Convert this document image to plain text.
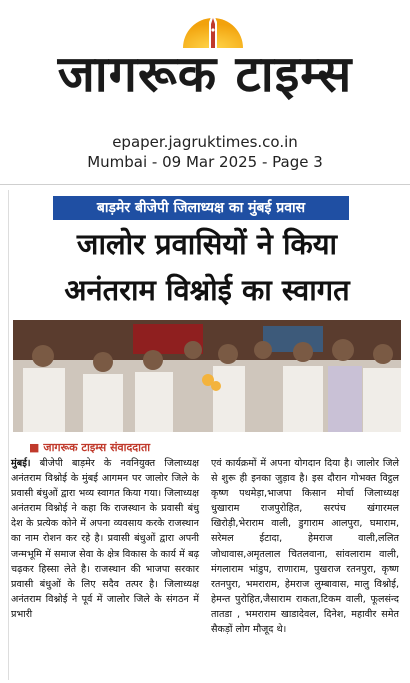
जागरूक टाइम्स
epaper.jagruktimes.co.in
Mumbai - 09 Mar 2025 - Page 3
बाड़मेर बीजेपी जिलाध्यक्ष का मुंबई प्रवास
जालोर प्रवासियों ने किया
अनंतराम विश्नोई का स्वागत
■ जागरूक टाइम्स संवाददाता

मुंबई। बीजेपी बाड़मेर के नवनियुक्त जिलाध्यक्ष अनंतराम विश्नोई के मुंबई आगमन पर जालोर जिले के प्रवासी बंधुओं द्वारा भव्य स्वागत किया गया। जिलाध्यक्ष अनंतराम विश्नोई ने कहा कि राजस्थान के प्रवासी बंधु देश के प्रत्येक कोने में अपना व्यवसाय करके राजस्थान का नाम रोशन कर रहे है। प्रवासी बंधुओं द्वारा अपनी जन्मभूमि में समाज सेवा के क्षेत्र विकास के कार्य में बढ़ चढ़कर हिस्सा लेते है। राजस्थान की भाजपा सरकार प्रवासी बंधुओं के लिए सदैव तत्पर है। जिलाध्यक्ष अनंतराम विश्नोई ने पूर्व में जालोर जिले के संगठन में प्रभारी

एवं कार्यक्रमों में अपना योगदान दिया है। जालोर जिले से शुरू ही इनका जुड़ाव है। इस दौरान गोभक्त विट्ठल कृष्ण पथमेड़ा,भाजपा किसान मोर्चा जिलाध्यक्ष धुखाराम राजपुरोहित, सरपंच खंगारमल खिरोड़ी,भेराराम वाली, डुगाराम आलपुरा, घमाराम, सरेमल ईटादा, हेमराज वाली,ललित जोधावास,अमृतलाल चितलवाना, सांवलाराम वाली, मंगलाराम भांडुप, राणाराम, पुखराज रतनपुरा, कृष्ण रतनपुरा, भमराराम, हेमराज लुम्बावास, मालु विश्नोई, हेमन्त पुरोहित,जैसाराम राकता,टिकम वाली, फूलसंन्द तातडा , भमराराम खाडादेवल, दिनेश, महावीर समेत सैकड़ों लोग मौजूद थे।
